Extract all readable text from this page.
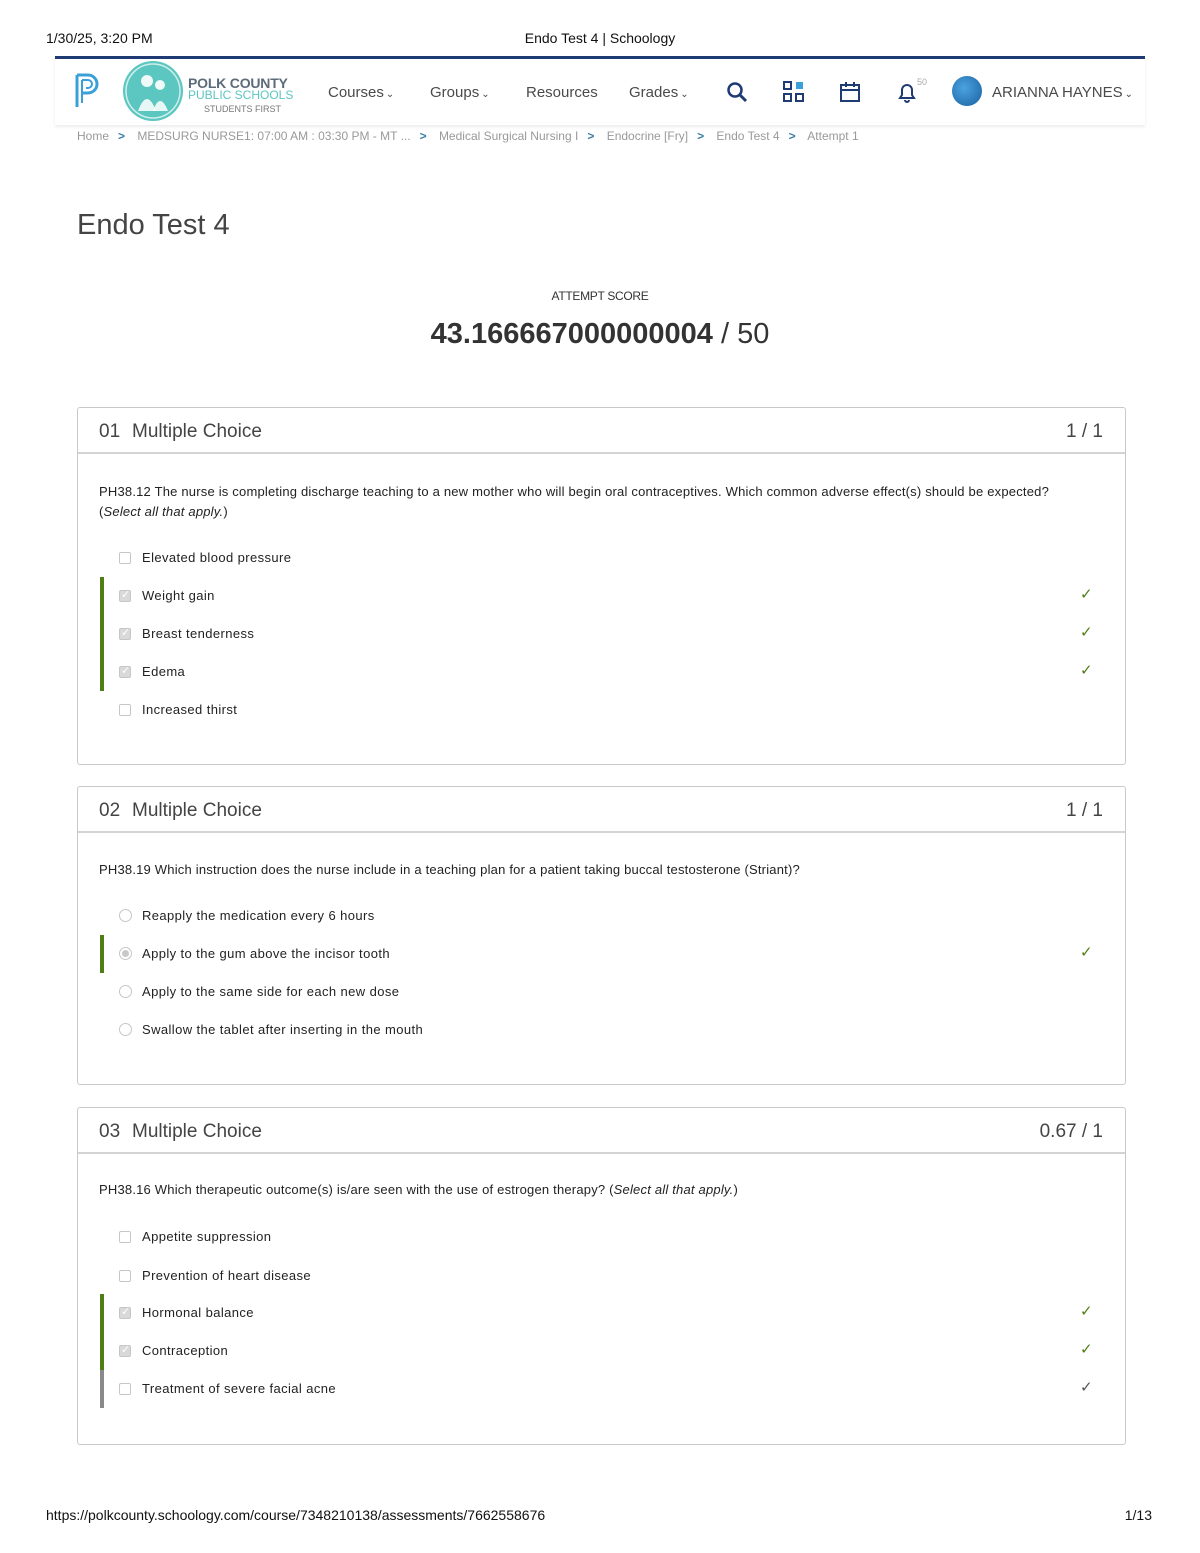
1/30/25, 3:20 PM	Endo Test 4 | Schoology
POLK COUNTY
PUBLIC SCHOOLS
STUDENTS FIRST
Courses ⌄ Groups ⌄ Resources Grades ⌄
50
ARIANNA HAYNES ⌄
Home > MEDSURG NURSE1: 07:00 AM : 03:30 PM - MT ... > Medical Surgical Nursing I > Endocrine [Fry] > Endo Test 4 > Attempt 1
Endo Test 4
ATTEMPT SCORE
43.166667000000004 / 50
01 Multiple Choice	1 / 1
PH38.12 The nurse is completing discharge teaching to a new mother who will begin oral contraceptives. Which common adverse effect(s) should be expected? (Select all that apply.)
Elevated blood pressure
✓
Weight gain	✓
✓
Breast tenderness	✓
✓
Edema	✓
Increased thirst
02 Multiple Choice	1 / 1
PH38.19 Which instruction does the nurse include in a teaching plan for a patient taking buccal testosterone (Striant)?
Reapply the medication every 6 hours
Apply to the gum above the incisor tooth	✓
Apply to the same side for each new dose
Swallow the tablet after inserting in the mouth
03 Multiple Choice	0.67 / 1
PH38.16 Which therapeutic outcome(s) is/are seen with the use of estrogen therapy? (Select all that apply.)
Appetite suppression
Prevention of heart disease
✓
Hormonal balance	✓
✓
Contraception	✓
Treatment of severe facial acne	✓
https://polkcounty.schoology.com/course/7348210138/assessments/7662558676	1/13
